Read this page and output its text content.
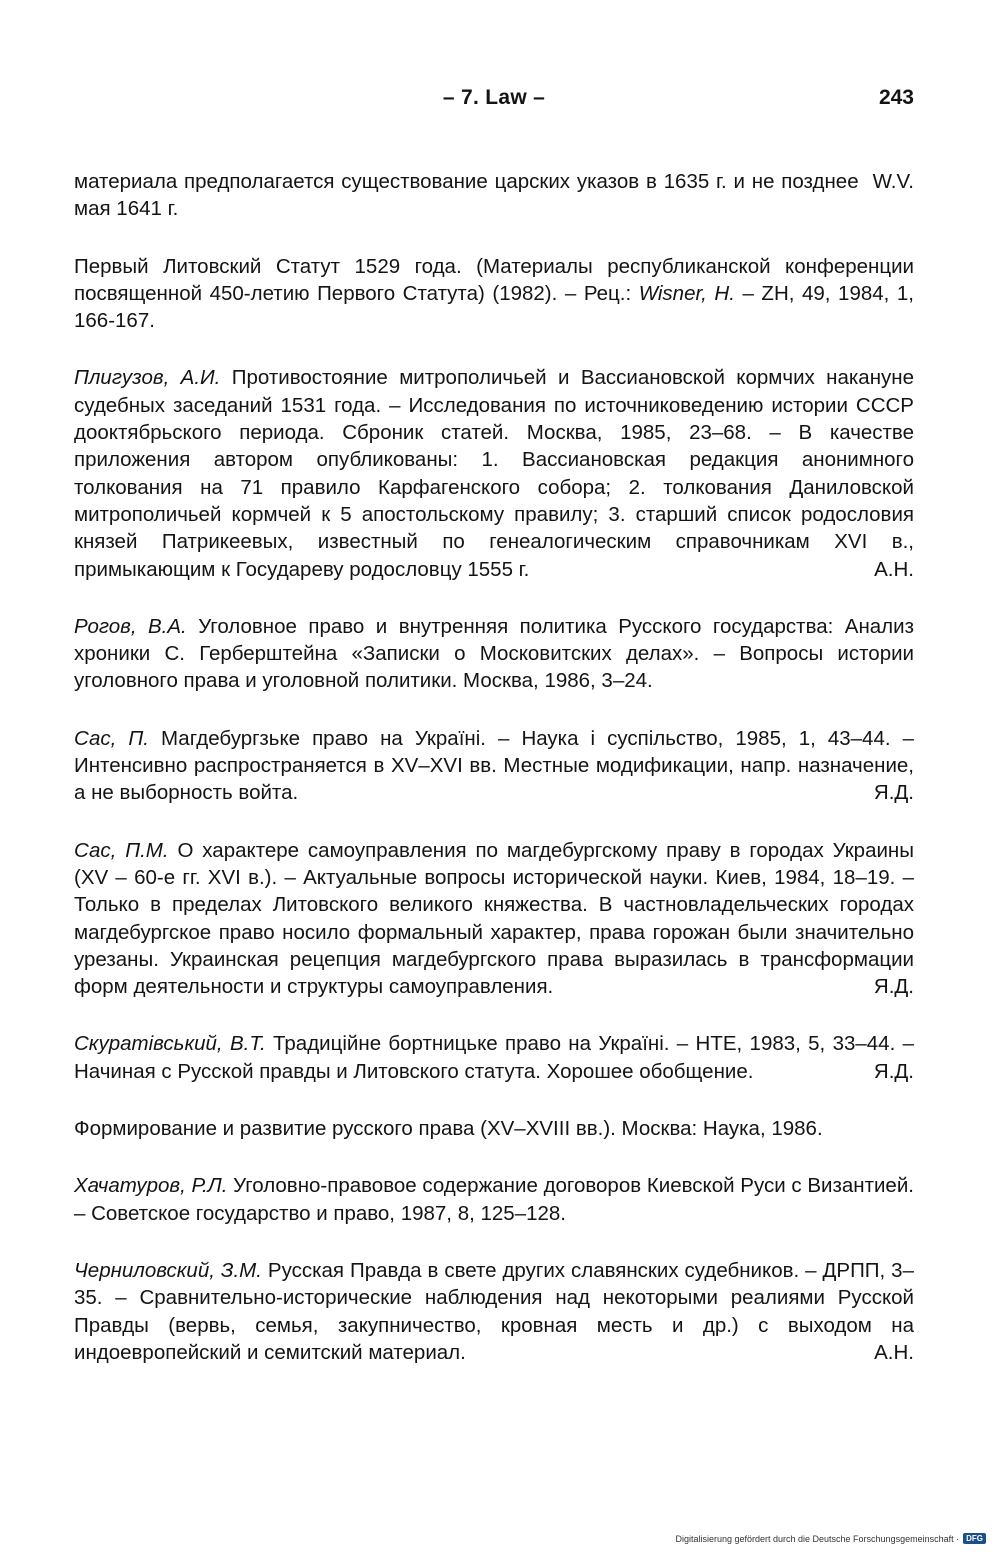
– 7. Law –	243

W.V.
материала предполагается существование царских указов в 1635 г. и не позднее мая 1641 г.

Первый Литовский Статут 1529 года. (Материалы республиканской конференции посвященной 450-летию Первого Статута) (1982). – Рец.: Wisner, H. – ZH, 49, 1984, 1, 166-167.

Плигузов, А.И. Противостояние митрополичьей и Вассиановской кормчих накануне судебных заседаний 1531 года. – Исследования по источниковедению истории СССР дооктябрьского периода. Сброник статей. Москва, 1985, 23–68. – В качестве приложения автором опубликованы: 1. Вассиановская редакция анонимного толкования на 71 правило Карфагенского собора; 2. толкования Даниловской митрополичьей кормчей к 5 апостольскому правилу; 3. старший список родословия князей Патрикеевых, известный по генеалогическим справочникам XVI в., примыкающим к Государеву родословцу 1555 г.	А.Н.

Рогов, В.А. Уголовное право и внутренняя политика Русского государства: Анализ хроники С. Герберштейна «Записки о Московитских делах». – Вопросы истории уголовного права и уголовной политики. Москва, 1986, 3–24.

Сас, П. Магдебургзьке право на Україні. – Наука і суспільство, 1985, 1, 43–44. – Интенсивно распространяется в XV–XVI вв. Местные модификации, напр. назначение, а не выборность войта.	Я.Д.

Сас, П.М. О характере самоуправления по магдебургскому праву в городах Украины (XV – 60-е гг. XVI в.). – Актуальные вопросы исторической науки. Киев, 1984, 18–19. – Только в пределах Литовского великого княжества. В частновладельческих городах магдебургское право носило формальный характер, права горожан были значительно урезаны. Украинская рецепция магдебургского права выразилась в трансформации форм деятельности и структуры самоуправления.	Я.Д.

Скуратівський, В.Т. Традиційне бортницьке право на Україні. – НТЕ, 1983, 5, 33–44. – Начиная с Русской правды и Литовского статута. Хорошее обобщение.	Я.Д.

Формирование и развитие русского права (XV–XVIII вв.). Москва: Наука, 1986.

Хачатуров, Р.Л. Уголовно-правовое содержание договоров Киевской Руси с Византией. – Советское государство и право, 1987, 8, 125–128.

Черниловский, З.М. Русская Правда в свете других славянских судебников. – ДРПП, 3–35. – Сравнительно-исторические наблюдения над некоторыми реалиями Русской Правды (вервь, семья, закупничество, кровная месть и др.) с выходом на индоевропейский и семитский материал.	А.Н.

Digitalisierung gefördert durch die Deutsche Forschungsgemeinschaft · DFG
